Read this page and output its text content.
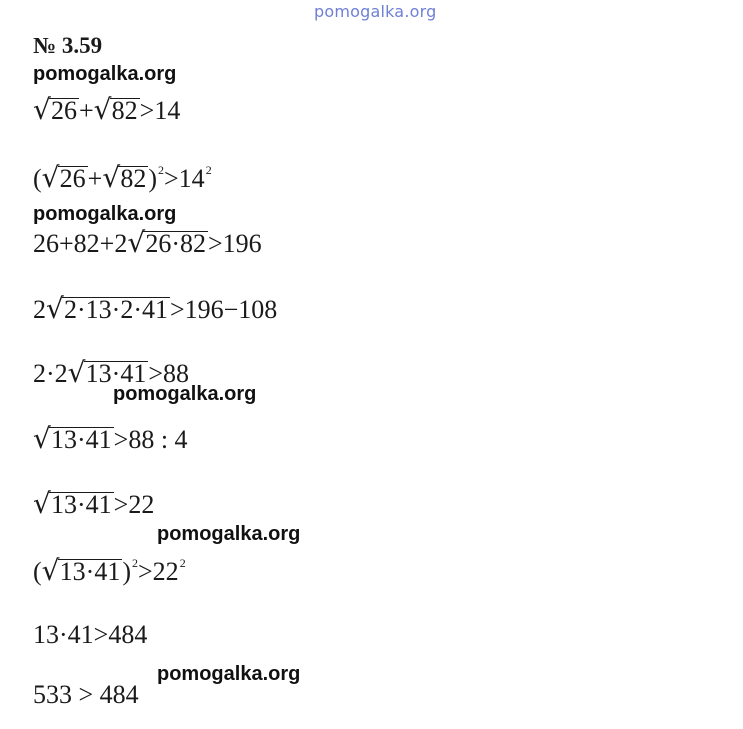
pomogalka.org
№ 3.59
pomogalka.org
pomogalka.org
pomogalka.org
pomogalka.org
pomogalka.org
√ 26+ √ 82>14
( √ 26+ √ $82)^2>14^2$
26+82+2 √ 26·82>196
2 √ 2·13·2·41>196−108
2·2 √ 13·41>88
√ 13·41>88 : 4
√ 13·41>22
( √ $13\cdot 41)^2>22^2$
13·41>484
533 > 484
